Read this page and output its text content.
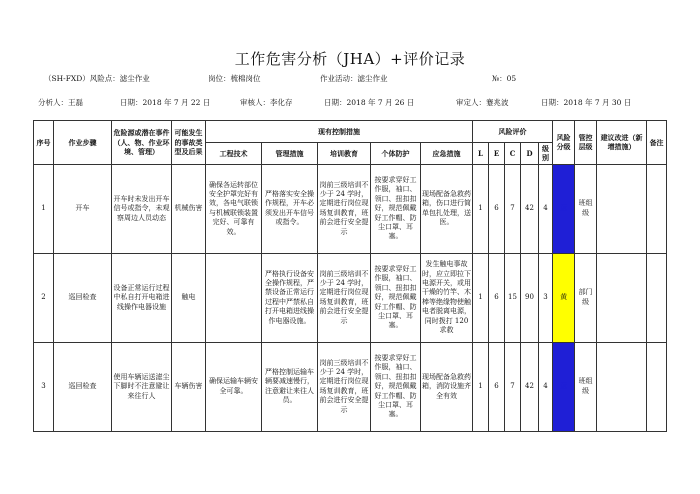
工作危害分析（JHA）+评价记录
（SH-FXD）风险点：滤尘作业	岗位：梳棉岗位	作业活动：滤尘作业	№：05
分析人：王磊	日期：2018 年 7 月 22 日	审核人：李化存	日期：2018 年 7 月 26 日	审定人：蹇兆波	日期：2018 年 7 月 30 日
序号	作业步骤	危险源或潜在事件（人、物、作业环境、管理）	可能发生的事故类型及后果	现有控制措施					风险评价					风险分级	管控层级	建议改进（新增措施）	备注
				工程技术	管理措施	培训教育	个体防护	应急措施	L	E	C	D	级别				
1	开车	开车时未发出开车信号或指令，未观察周边人员动态	机械伤害	确保各运转部位安全护罩完好有效，各电气联锁与机械联锁装置完好、可靠有效。	严格落实安全操作规程，开车必须发出开车信号或指令。	岗前三级培训不少于 24 学时，定期进行岗位现场复训教育，班前会进行安全提示	按要求穿好工作服，袖口、领口、扭扣扣好，规范佩戴好工作帽、防尘口罩、耳塞。	现场配备急救药箱，伤口进行简单包扎处理，送医。	1	6	7	42	4	蓝	班组级		
2	巡回检查	设备正常运行过程中私自打开电箱进线操作电器设施	触电		严格执行设备安全操作规程，严禁设备正常运行过程中严禁私自打开电箱进线操作电器设施。	岗前三级培训不少于 24 学时，定期进行岗位现场复训教育，班前会进行安全提示	按要求穿好工作服，袖口、领口、扭扣扣好，规范佩戴好工作帽、防尘口罩、耳塞。	发生触电事故时，应立即拉下电源开关，或用干燥的竹竿、木棒等绝缘物使触电者脱离电源，同时拨打 120 求救	1	6	15	90	3	黄	部门级		
3	巡回检查	使用车辆运送滤尘下脚时不注意避让来往行人	车辆伤害	确保运输车辆安全可靠。	严格控制运输车辆要减速慢行，注意避让来往人员。	岗前三级培训不少于 24 学时，定期进行岗位现场复训教育，班前会进行安全提示	按要求穿好工作服，袖口、领口、扭扣扣好，规范佩戴好工作帽、防尘口罩、耳塞。	现场配备急救药箱，消防设施齐全有效	1	6	7	42	4	蓝	班组级		
